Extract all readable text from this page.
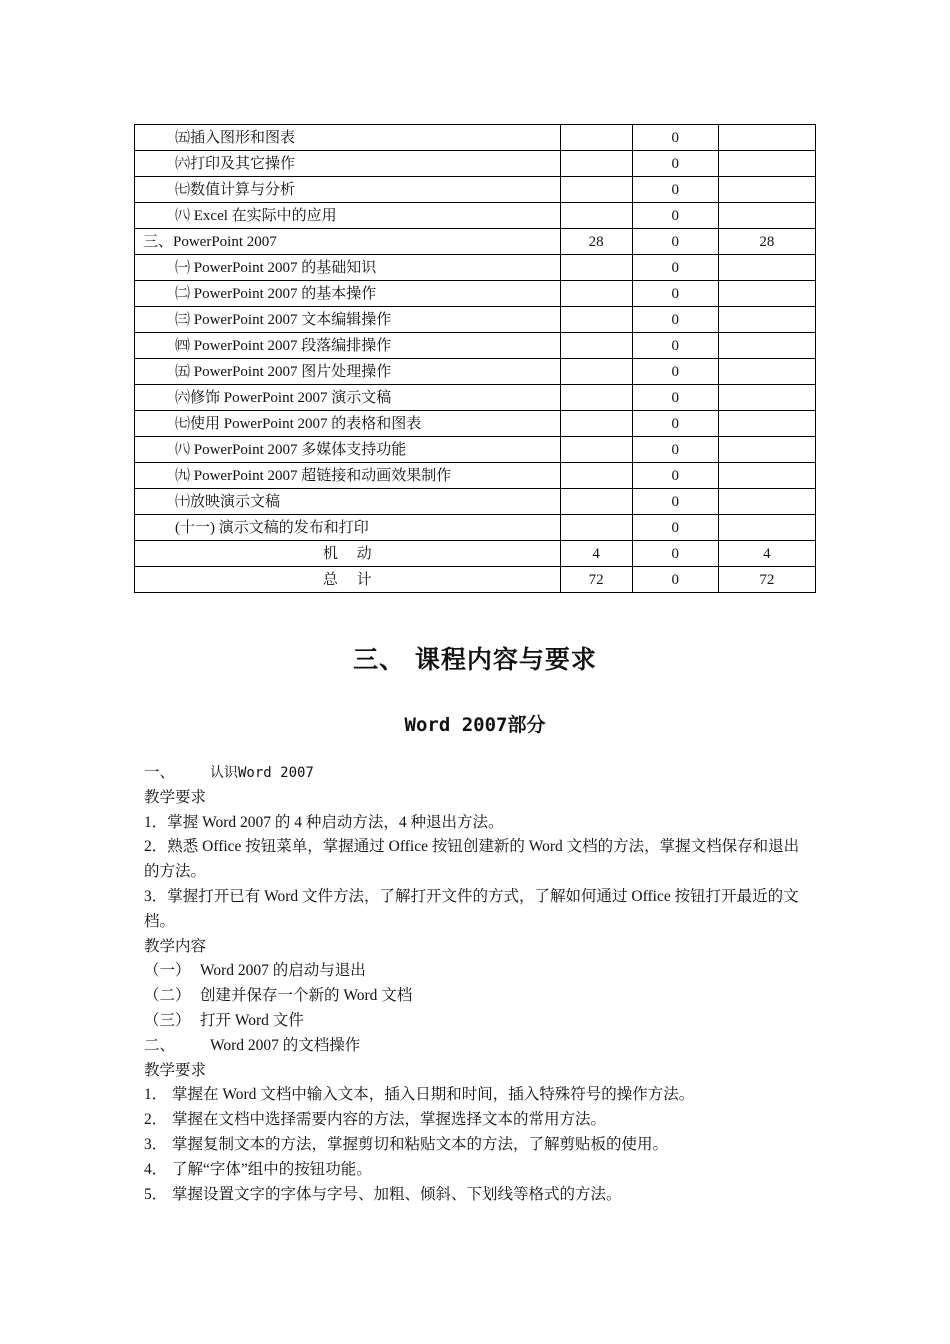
㈤插入图形和图表		0	
㈥打印及其它操作		0	
㈦数值计算与分析		0	
㈧ Excel 在实际中的应用		0	
三、PowerPoint 2007	28	0	28
㈠ PowerPoint 2007 的基础知识		0	
㈡ PowerPoint 2007 的基本操作		0	
㈢ PowerPoint 2007 文本编辑操作		0	
㈣ PowerPoint 2007 段落编排操作		0	
㈤ PowerPoint 2007 图片处理操作		0	
㈥修饰 PowerPoint 2007 演示文稿		0	
㈦使用 PowerPoint 2007 的表格和图表		0	
㈧ PowerPoint 2007 多媒体支持功能		0	
㈨ PowerPoint 2007 超链接和动画效果制作		0	
㈩放映演示文稿		0	
(十一) 演示文稿的发布和打印		0	
机　 动	4	0	4
总　 计	72	0	72
三、 课程内容与要求
Word 2007部分

一、 认识Word 2007

教学要求

1．掌握 Word 2007 的 4 种启动方法，4 种退出方法。

2．熟悉 Office 按钮菜单，掌握通过 Office 按钮创建新的 Word 文档的方法，掌握文档保存和退出的方法。

3．掌握打开已有 Word 文件方法，了解打开文件的方式，了解如何通过 Office 按钮打开最近的文档。

教学内容

（一） Word 2007 的启动与退出

（二） 创建并保存一个新的 Word 文档

（三） 打开 Word 文件

二、 Word 2007 的文档操作

教学要求

1． 掌握在 Word 文档中输入文本，插入日期和时间，插入特殊符号的操作方法。

2． 掌握在文档中选择需要内容的方法，掌握选择文本的常用方法。

3． 掌握复制文本的方法，掌握剪切和粘贴文本的方法，了解剪贴板的使用。

4． 了解“字体”组中的按钮功能。

5． 掌握设置文字的字体与字号、加粗、倾斜、下划线等格式的方法。
